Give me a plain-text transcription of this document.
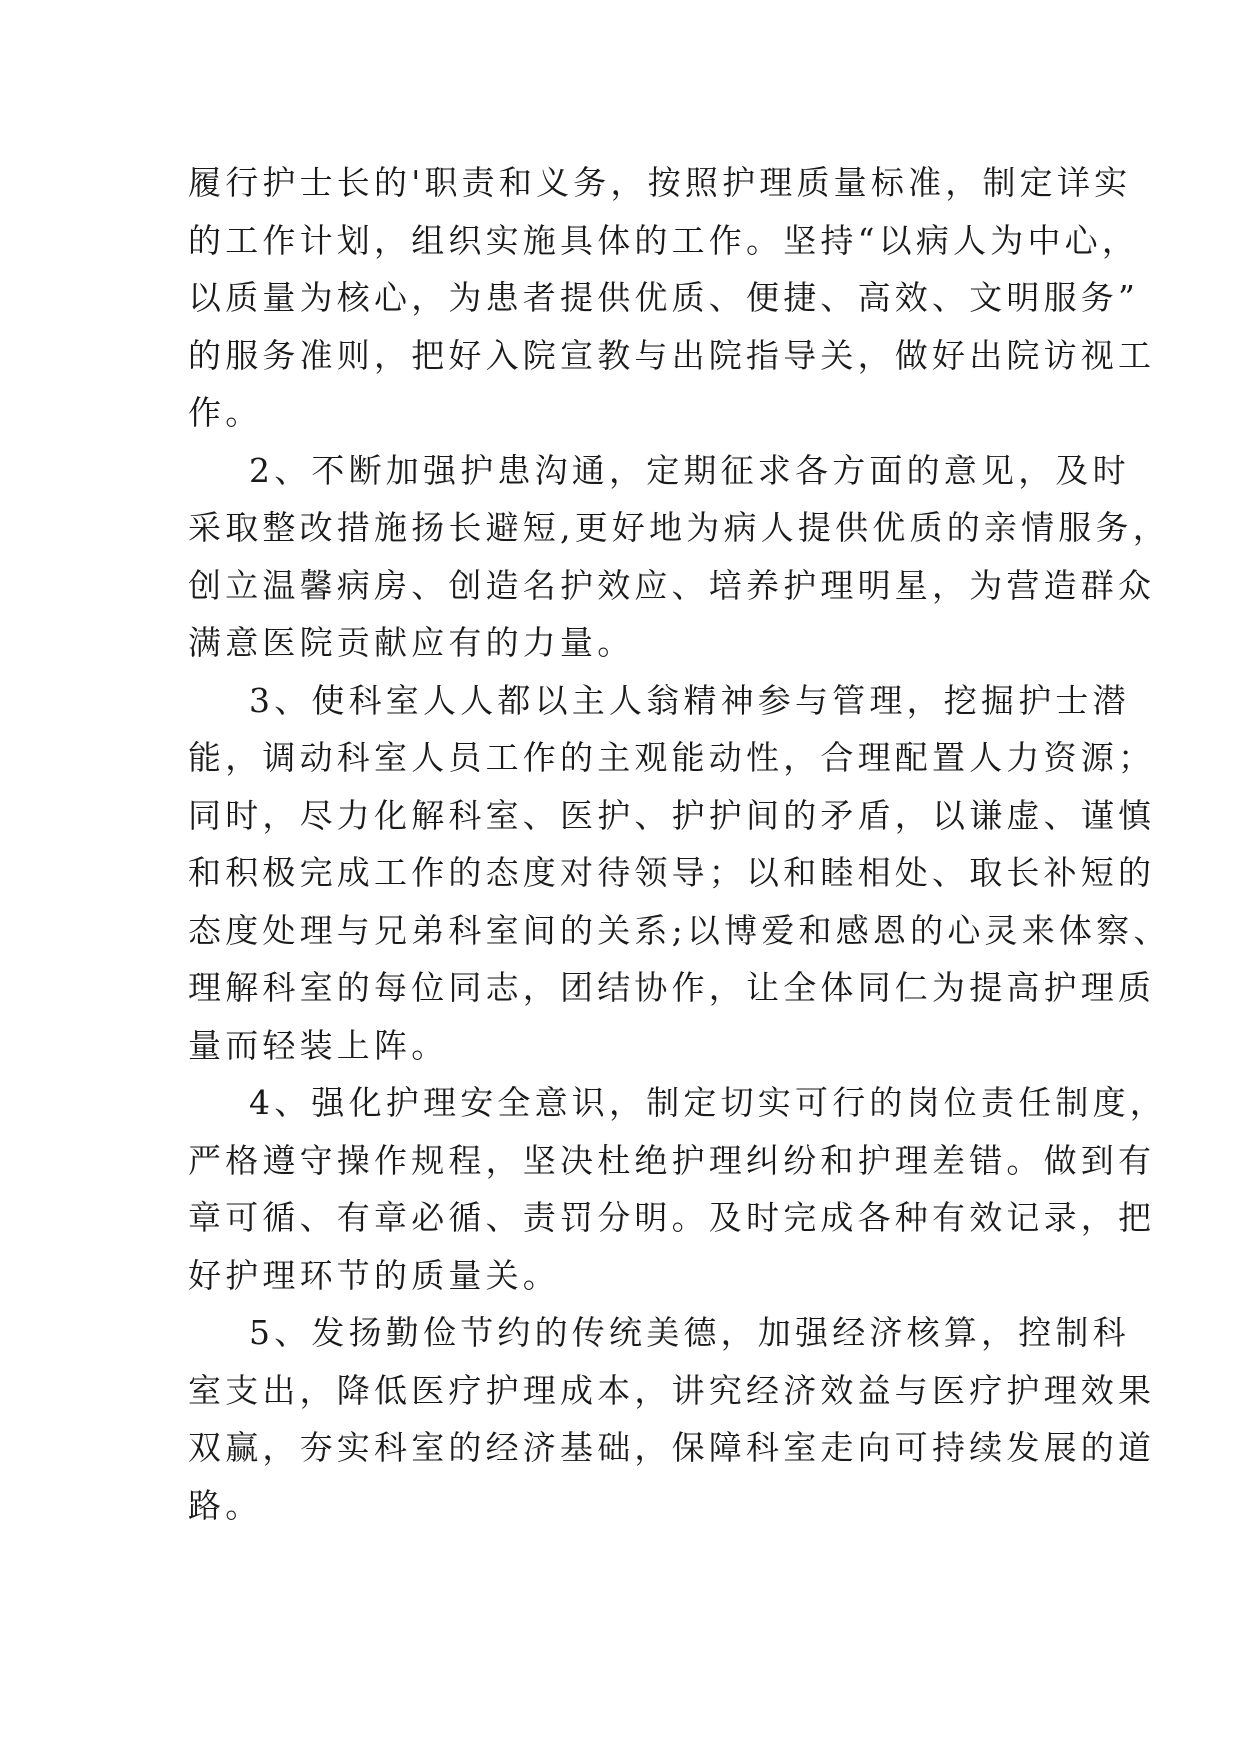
履行护士长的'职责和义务，按照护理质量标准，制定详实
的工作计划，组织实施具体的工作。坚持“以病人为中心，
以质量为核心，为患者提供优质、便捷、高效、文明服务”
的服务准则，把好入院宣教与出院指导关，做好出院访视工
作。
2、不断加强护患沟通，定期征求各方面的意见，及时
采取整改措施扬长避短,更好地为病人提供优质的亲情服务，
创立温馨病房、创造名护效应、培养护理明星，为营造群众
满意医院贡献应有的力量。
3、使科室人人都以主人翁精神参与管理，挖掘护士潜
能，调动科室人员工作的主观能动性，合理配置人力资源；
同时，尽力化解科室、医护、护护间的矛盾，以谦虚、谨慎
和积极完成工作的态度对待领导；以和睦相处、取长补短的
态度处理与兄弟科室间的关系;以博爱和感恩的心灵来体察、
理解科室的每位同志，团结协作，让全体同仁为提高护理质
量而轻装上阵。
4、强化护理安全意识，制定切实可行的岗位责任制度，
严格遵守操作规程，坚决杜绝护理纠纷和护理差错。做到有
章可循、有章必循、责罚分明。及时完成各种有效记录，把
好护理环节的质量关。
5、发扬勤俭节约的传统美德，加强经济核算，控制科
室支出，降低医疗护理成本，讲究经济效益与医疗护理效果
双赢，夯实科室的经济基础，保障科室走向可持续发展的道
路。
